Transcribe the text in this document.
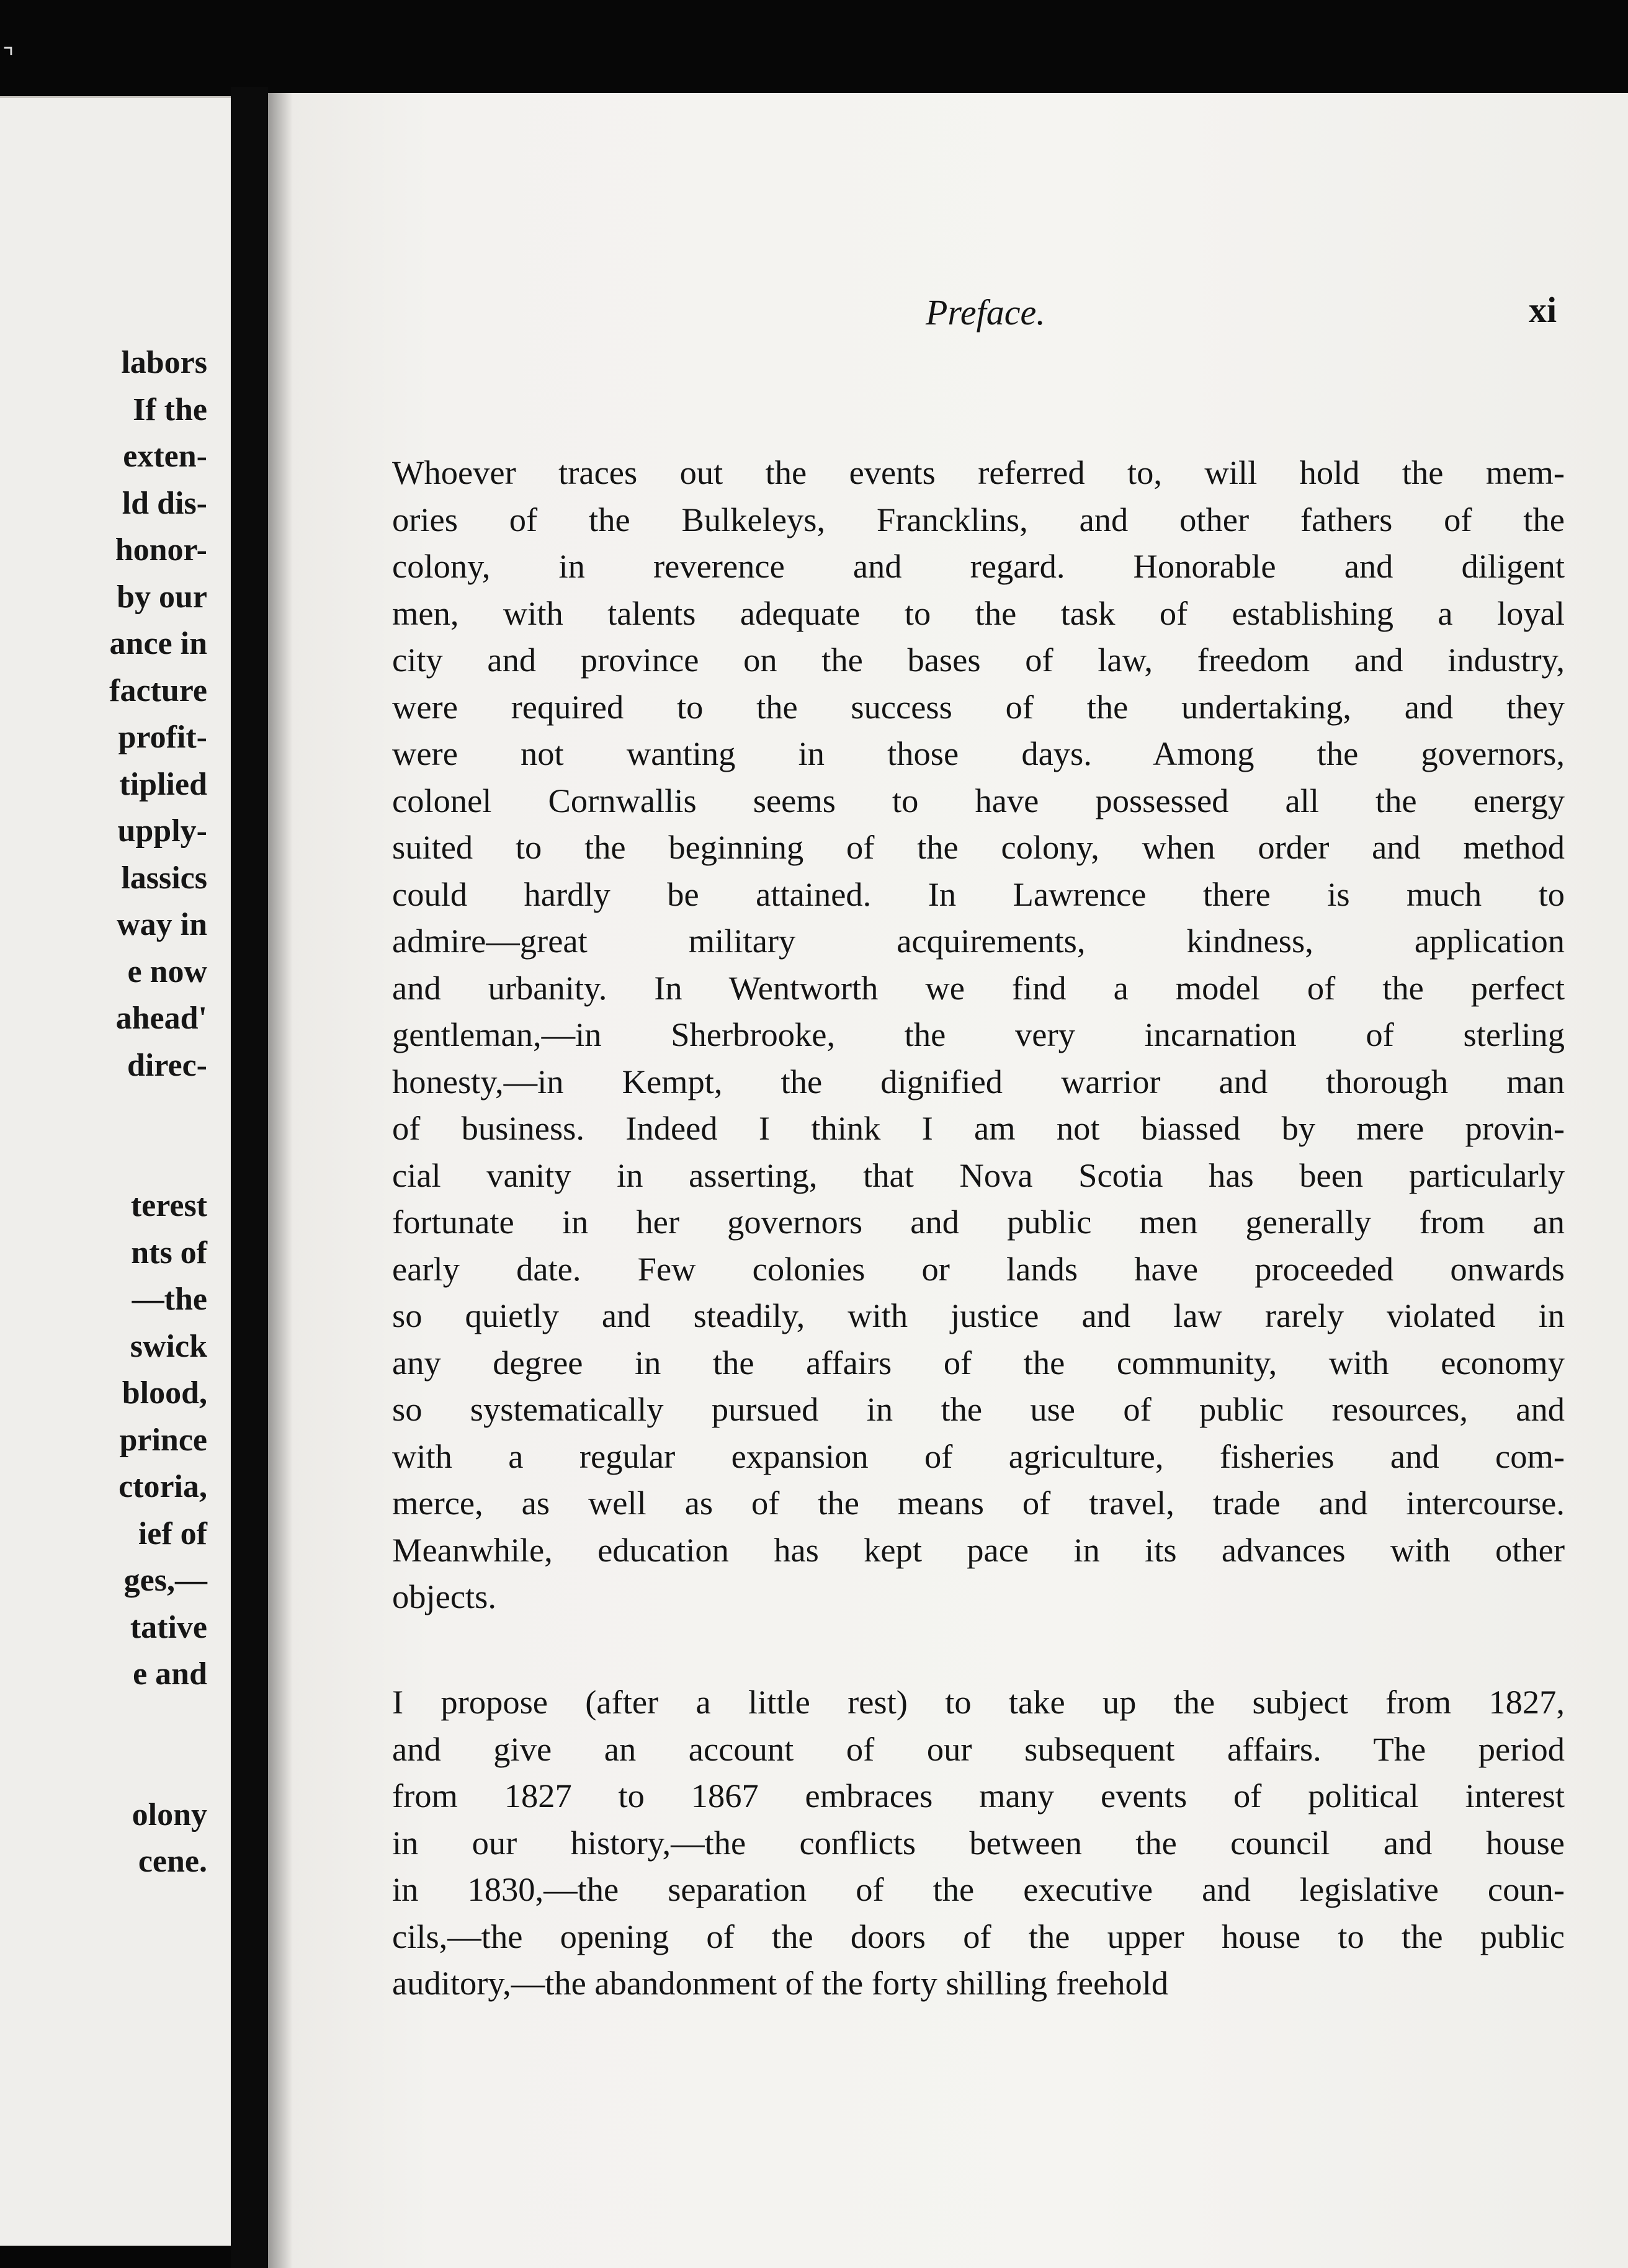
⌝
labors
If the
exten-
ld dis-
honor-
by our
ance in
facture
profit-
tiplied
upply-
lassics
way in
e now
ahead'
direc-
terest
nts of
—the
swick
blood,
prince
ctoria,
ief of
ges,—
tative
e and
olony
cene.
Preface.	xi
Whoever traces out the events referred to, will hold the mem-
ories of the Bulkeleys, Francklins, and other fathers of the
colony, in reverence and regard. Honorable and diligent
men, with talents adequate to the task of establishing a loyal
city and province on the bases of law, freedom and industry,
were required to the success of the undertaking, and they
were not wanting in those days. Among the governors,
colonel Cornwallis seems to have possessed all the energy
suited to the beginning of the colony, when order and method
could hardly be attained. In Lawrence there is much to
admire—great military acquirements, kindness, application
and urbanity. In Wentworth we find a model of the perfect
gentleman,—in Sherbrooke, the very incarnation of sterling
honesty,—in Kempt, the dignified warrior and thorough man
of business. Indeed I think I am not biassed by mere provin-
cial vanity in asserting, that Nova Scotia has been particularly
fortunate in her governors and public men generally from an
early date. Few colonies or lands have proceeded onwards
so quietly and steadily, with justice and law rarely violated in
any degree in the affairs of the community, with economy
so systematically pursued in the use of public resources, and
with a regular expansion of agriculture, fisheries and com-
merce, as well as of the means of travel, trade and intercourse.
Meanwhile, education has kept pace in its advances with other
objects.
I propose (after a little rest) to take up the subject from 1827,
and give an account of our subsequent affairs. The period
from 1827 to 1867 embraces many events of political interest
in our history,—the conflicts between the council and house
in 1830,—the separation of the executive and legislative coun-
cils,—the opening of the doors of the upper house to the public
auditory,—the abandonment of the forty shilling freehold
